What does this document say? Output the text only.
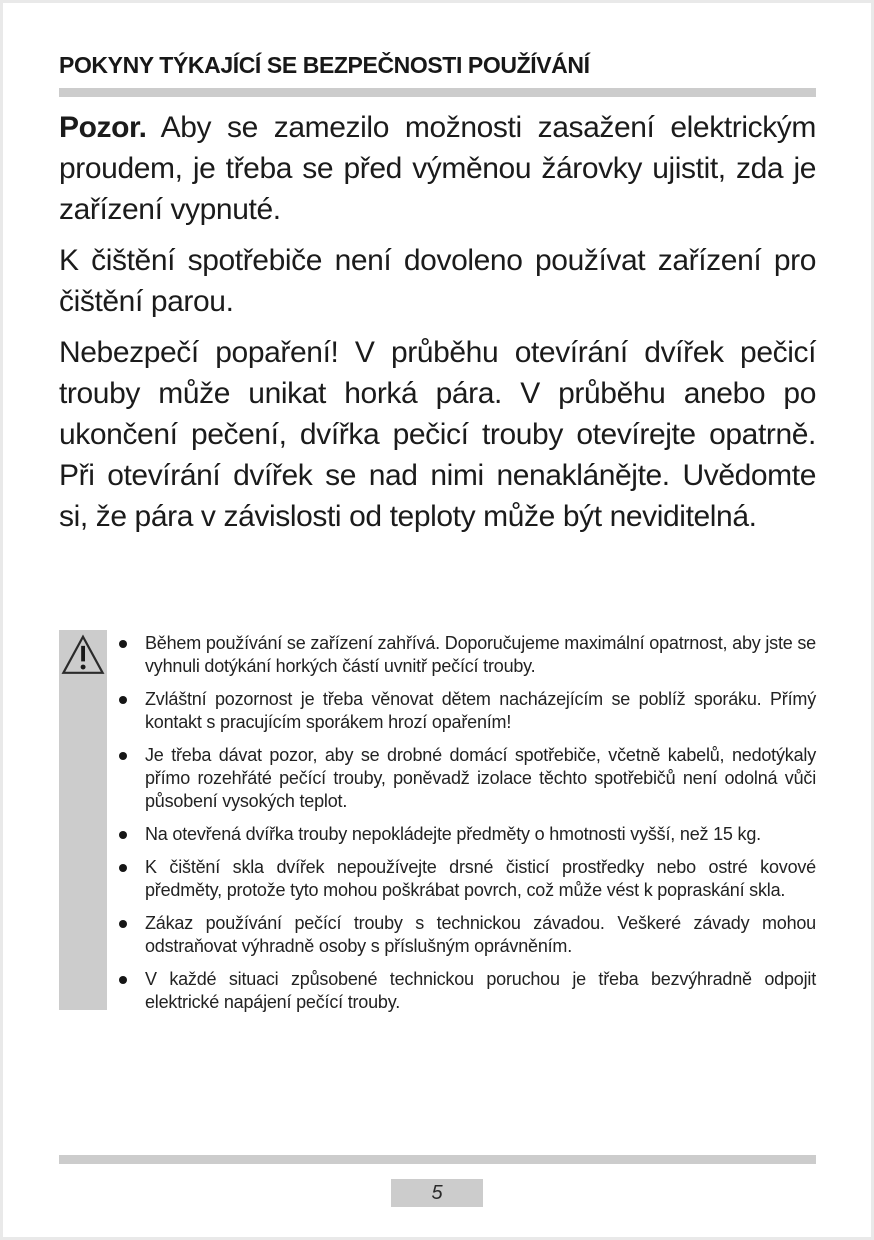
POKYNY TÝKAJÍCÍ SE BEZPEČNOSTI POUŽÍVÁNÍ

Pozor. Aby se zamezilo možnosti zasažení elektrickým proudem, je třeba se před výměnou žárovky ujistit, zda je zařízení vypnuté.

K čištění spotřebiče není dovoleno používat zařízení pro čištění parou.

Nebezpečí popaření! V průběhu otevírání dvířek pečicí trouby může unikat horká pára. V průběhu anebo po ukončení pečení, dvířka pečicí trouby otevírejte opatrně. Při otevírání dvířek se nad nimi nenaklánějte. Uvědomte si, že pára v závislosti od teploty může být neviditelná.

Během používání se zařízení zahřívá. Doporučujeme maximální opatrnost, aby jste se vyhnuli dotýkání horkých částí uvnitř pečící trouby.
Zvláštní pozornost je třeba věnovat dětem nacházejícím se poblíž sporáku. Přímý kontakt s pracujícím sporákem hrozí opařením!
Je třeba dávat pozor, aby se drobné domácí spotřebiče, včetně kabelů, nedotýkaly přímo rozehřáté pečící trouby, poněvadž izolace těchto spotřebičů není odolná vůči působení vysokých teplot.
Na otevřená dvířka trouby nepokládejte předměty o hmotnosti vyšší, než 15 kg.
K čištění skla dvířek nepoužívejte drsné čisticí prostředky nebo ostré kovové předměty, protože tyto mohou poškrábat povrch, což může vést k popraskání skla.
Zákaz používání pečící trouby s technickou závadou. Veškeré závady mohou odstraňovat výhradně osoby s příslušným oprávněním.
V každé situaci způsobené technickou poruchou je třeba bezvýhradně odpojit elektrické napájení pečící trouby.
5
